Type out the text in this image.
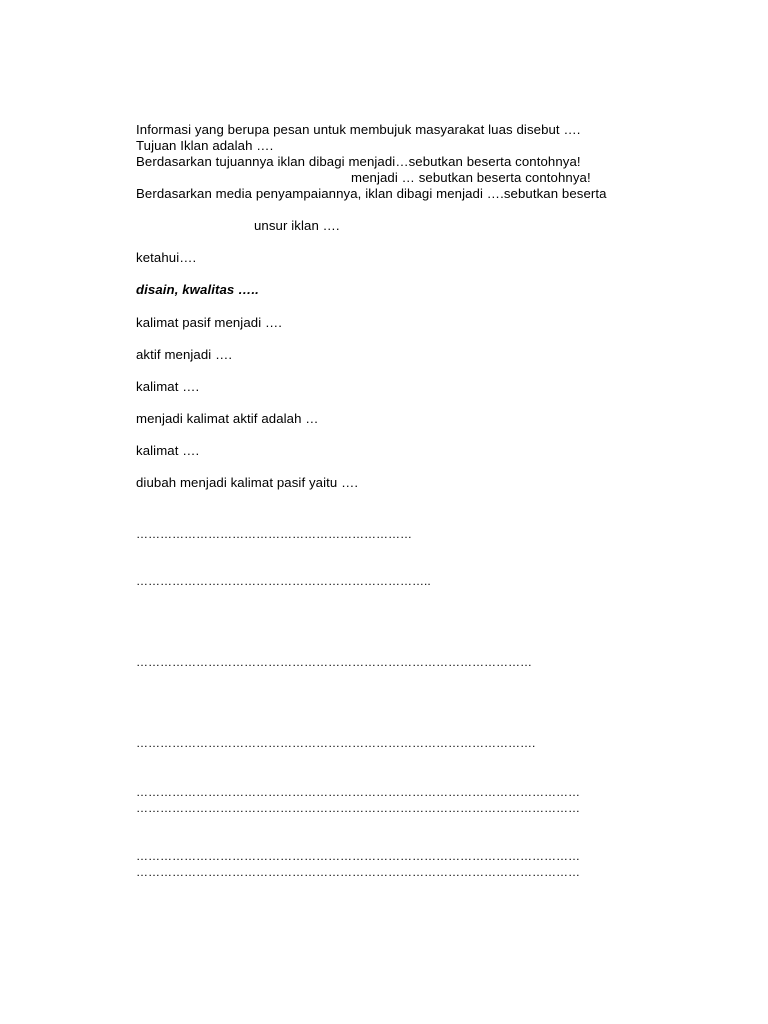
Informasi yang berupa pesan untuk membujuk masyarakat luas disebut ….
Tujuan Iklan adalah ….
Berdasarkan tujuannya iklan dibagi menjadi…sebutkan beserta contohnya!
menjadi … sebutkan beserta contohnya!
Berdasarkan media penyampaiannya, iklan dibagi menjadi ….sebutkan beserta
unsur iklan ….
ketahui….
disain, kwalitas …..
kalimat pasif menjadi ….
aktif menjadi ….
kalimat ….
menjadi kalimat aktif adalah …
kalimat ….
diubah menjadi kalimat pasif yaitu ….
……………………………………………………………
………………………………………………………………..
………………………………………………………………………………………
……………………………………………………………………………………….
…………………………………………………………………………………………………
…………………………………………………………………………………………………
…………………………………………………………………………………………………
…………………………………………………………………………………………………
